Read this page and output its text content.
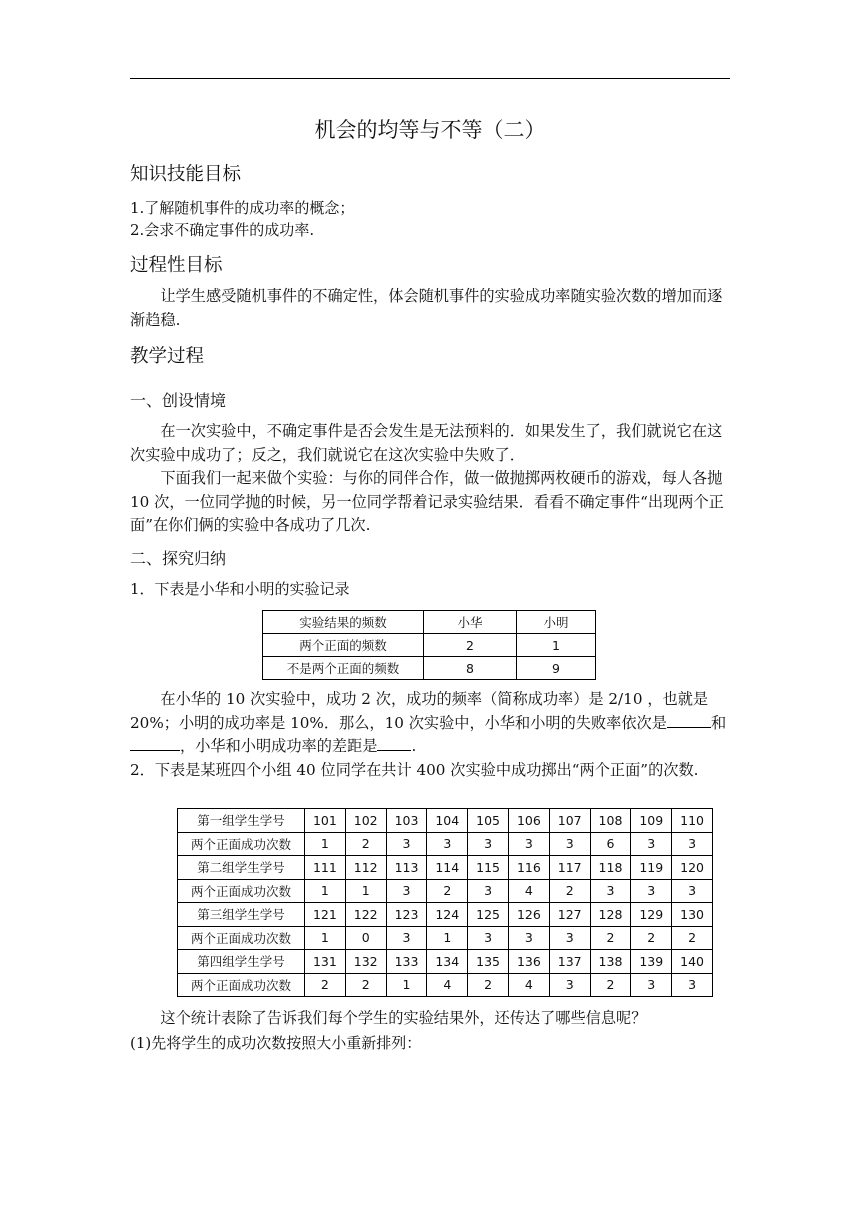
机会的均等与不等（二）
知识技能目标
1.了解随机事件的成功率的概念；
2.会求不确定事件的成功率.
过程性目标

让学生感受随机事件的不确定性，体会随机事件的实验成功率随实验次数的增加而逐渐趋稳.

教学过程
一、创设情境

在一次实验中，不确定事件是否会发生是无法预料的．如果发生了，我们就说它在这次实验中成功了；反之，我们就说它在这次实验中失败了．

下面我们一起来做个实验：与你的同伴合作，做一做抛掷两枚硬币的游戏，每人各抛 10 次，一位同学抛的时候，另一位同学帮着记录实验结果．看看不确定事件“出现两个正面”在你们俩的实验中各成功了几次.

二、探究归纳
1．下表是小华和小明的实验记录
实验结果的频数	小华	小明
两个正面的频数	2	1
不是两个正面的频数	8	9

在小华的 10 次实验中，成功 2 次，成功的频率（简称成功率）是 2/10 ，也就是 20%；小明的成功率是 10%．那么，10 次实验中，小华和小明的失败率依次是	和，小华和小明成功率的差距是 .

2．下表是某班四个小组 40 位同学在共计 400 次实验中成功掷出“两个正面”的次数.
第一组学生学号	101	102	103	104	105	106	107	108	109	110
两个正面成功次数	1	2	3	3	3	3	3	6	3	3
第二组学生学号	111	112	113	114	115	116	117	118	119	120
两个正面成功次数	1	1	3	2	3	4	2	3	3	3
第三组学生学号	121	122	123	124	125	126	127	128	129	130
两个正面成功次数	1	0	3	1	3	3	3	2	2	2
第四组学生学号	131	132	133	134	135	136	137	138	139	140
两个正面成功次数	2	2	1	4	2	4	3	2	3	3

这个统计表除了告诉我们每个学生的实验结果外，还传达了哪些信息呢？

(1)先将学生的成功次数按照大小重新排列：
